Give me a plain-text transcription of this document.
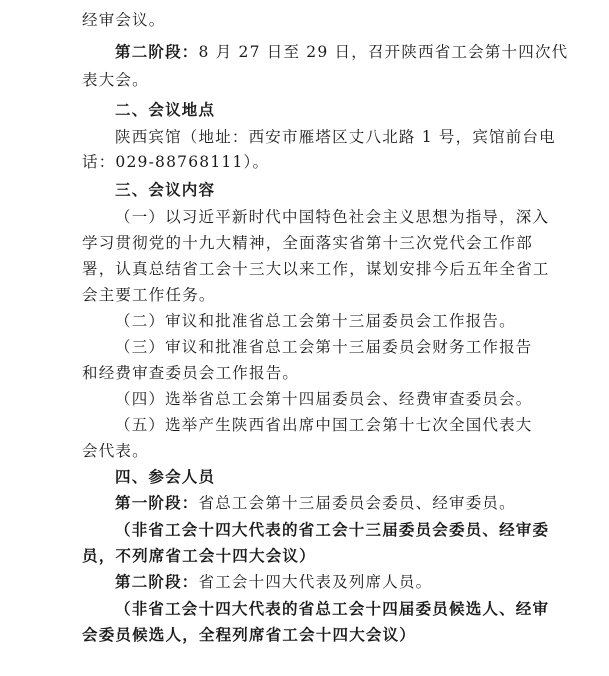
经审会议。
第二阶段：8 月 27 日至 29 日，召开陕西省工会第十四次代
表大会。
二、会议地点
陕西宾馆（地址：西安市雁塔区丈八北路 1 号，宾馆前台电
话：029-88768111）。
三、会议内容
（一）以习近平新时代中国特色社会主义思想为指导，深入
学习贯彻党的十九大精神，全面落实省第十三次党代会工作部
署，认真总结省工会十三大以来工作，谋划安排今后五年全省工
会主要工作任务。
（二）审议和批准省总工会第十三届委员会工作报告。
（三）审议和批准省总工会第十三届委员会财务工作报告
和经费审查委员会工作报告。
（四）选举省总工会第十四届委员会、经费审查委员会。
（五）选举产生陕西省出席中国工会第十七次全国代表大
会代表。
四、参会人员
第一阶段：省总工会第十三届委员会委员、经审委员。
（非省工会十四大代表的省工会十三届委员会委员、经审委
员，不列席省工会十四大会议）
第二阶段：省工会十四大代表及列席人员。
（非省工会十四大代表的省总工会十四届委员候选人、经审
会委员候选人，全程列席省工会十四大会议）
